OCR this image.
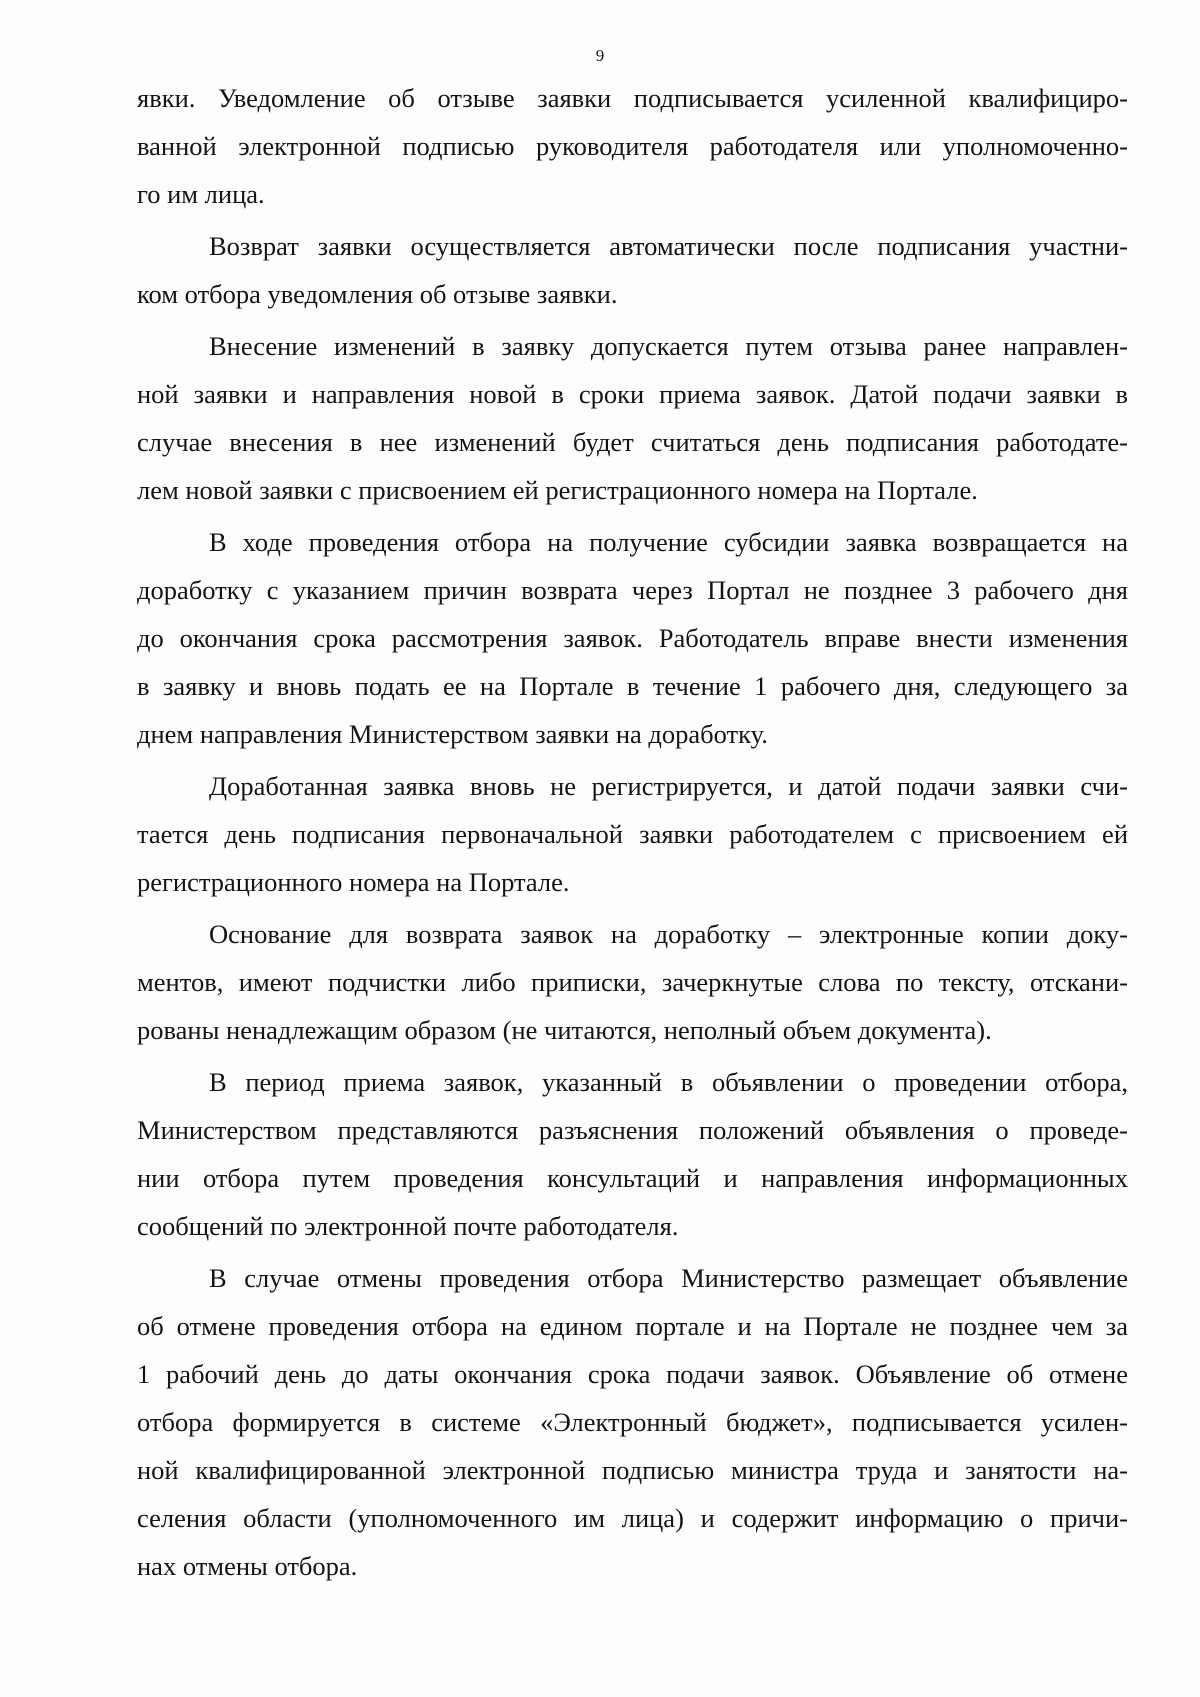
9
явки. Уведомление об отзыве заявки подписывается усиленной квалифициро-
ванной электронной подписью руководителя работодателя или уполномоченно-
го им лица.
Возврат заявки осуществляется автоматически после подписания участни-
ком отбора уведомления об отзыве заявки.
Внесение изменений в заявку допускается путем отзыва ранее направлен-
ной заявки и направления новой в сроки приема заявок. Датой подачи заявки в
случае внесения в нее изменений будет считаться день подписания работодате-
лем новой заявки с присвоением ей регистрационного номера на Портале.
В ходе проведения отбора на получение субсидии заявка возвращается на
доработку с указанием причин возврата через Портал не позднее 3 рабочего дня
до окончания срока рассмотрения заявок. Работодатель вправе внести изменения
в заявку и вновь подать ее на Портале в течение 1 рабочего дня, следующего за
днем направления Министерством заявки на доработку.
Доработанная заявка вновь не регистрируется, и датой подачи заявки счи-
тается день подписания первоначальной заявки работодателем с присвоением ей
регистрационного номера на Портале.
Основание для возврата заявок на доработку – электронные копии доку-
ментов, имеют подчистки либо приписки, зачеркнутые слова по тексту, отскани-
рованы ненадлежащим образом (не читаются, неполный объем документа).
В период приема заявок, указанный в объявлении о проведении отбора,
Министерством представляются разъяснения положений объявления о проведе-
нии отбора путем проведения консультаций и направления информационных
сообщений по электронной почте работодателя.
В случае отмены проведения отбора Министерство размещает объявление
об отмене проведения отбора на едином портале и на Портале не позднее чем за
1 рабочий день до даты окончания срока подачи заявок. Объявление об отмене
отбора формируется в системе «Электронный бюджет», подписывается усилен-
ной квалифицированной электронной подписью министра труда и занятости на-
селения области (уполномоченного им лица) и содержит информацию о причи-
нах отмены отбора.
